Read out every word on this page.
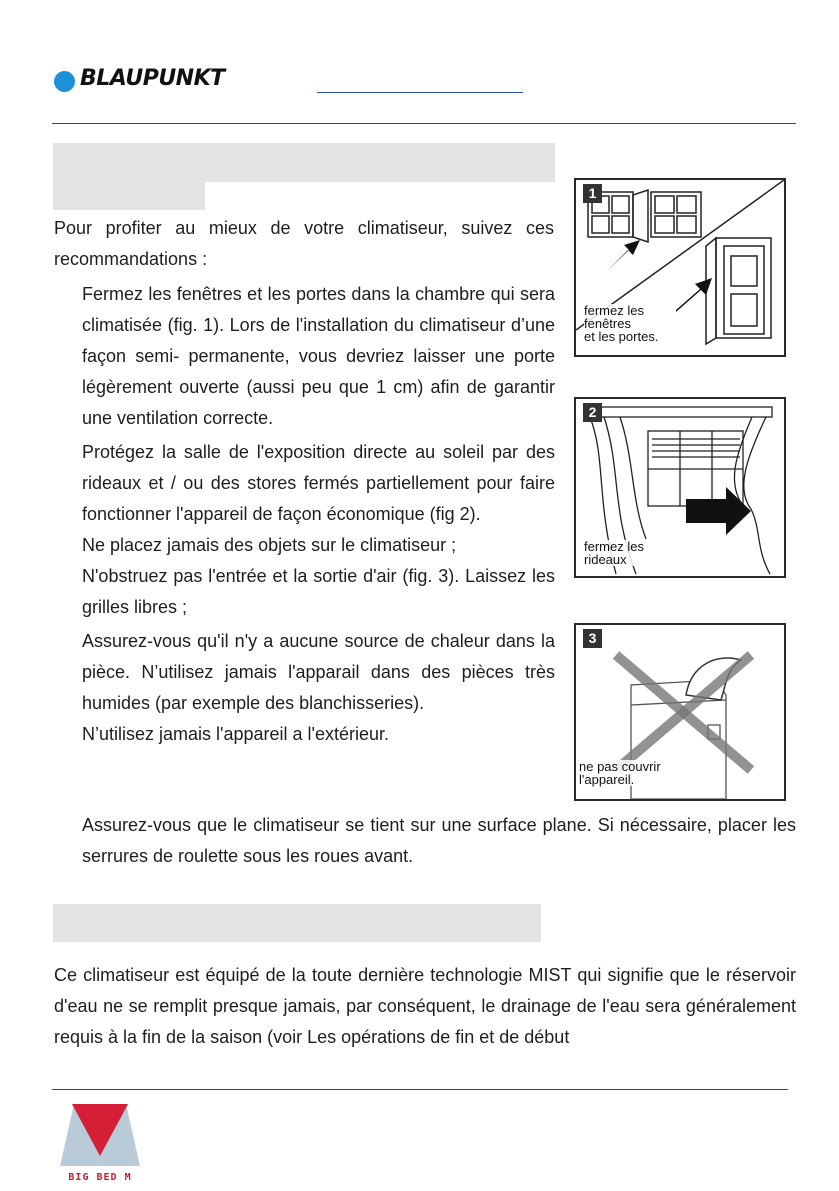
BLAUPUNKT
Pour profiter au mieux de votre climatiseur, suivez ces recommandations :
Fermez les fenêtres et les portes dans la chambre qui sera climatisée (fig. 1). Lors de l'installation du climatiseur d’une façon semi- permanente, vous devriez laisser une porte légèrement ouverte (aussi peu que 1 cm) afin de garantir une ventilation correcte.
Protégez la salle de l'exposition directe au soleil par des rideaux et / ou des stores fermés partiellement pour faire fonctionner l'appareil de façon économique (fig 2).
Ne placez jamais des objets sur le climatiseur ;
N'obstruez pas l'entrée et la sortie d'air (fig. 3). Laissez les grilles libres ;
Assurez-vous qu'il n'y a aucune source de chaleur dans la pièce. N’utilisez jamais l'apparail dans des pièces très humides (par exemple des blanchisseries).
N’utilisez jamais l'appareil a l'extérieur.
Assurez-vous que le climatiseur se tient sur une surface plane. Si nécessaire, placer les serrures de roulette sous les roues avant.
1
fermez les
fenêtres
et les portes.
2
fermez les
rideaux
3
ne pas couvrir
l'appareil.
Ce climatiseur est équipé de la toute dernière technologie MIST qui signifie que le réservoir d'eau ne se remplit presque jamais, par conséquent, le drainage de l'eau sera généralement requis à la fin de la saison (voir Les opérations de fin et de début
BIG BED M
